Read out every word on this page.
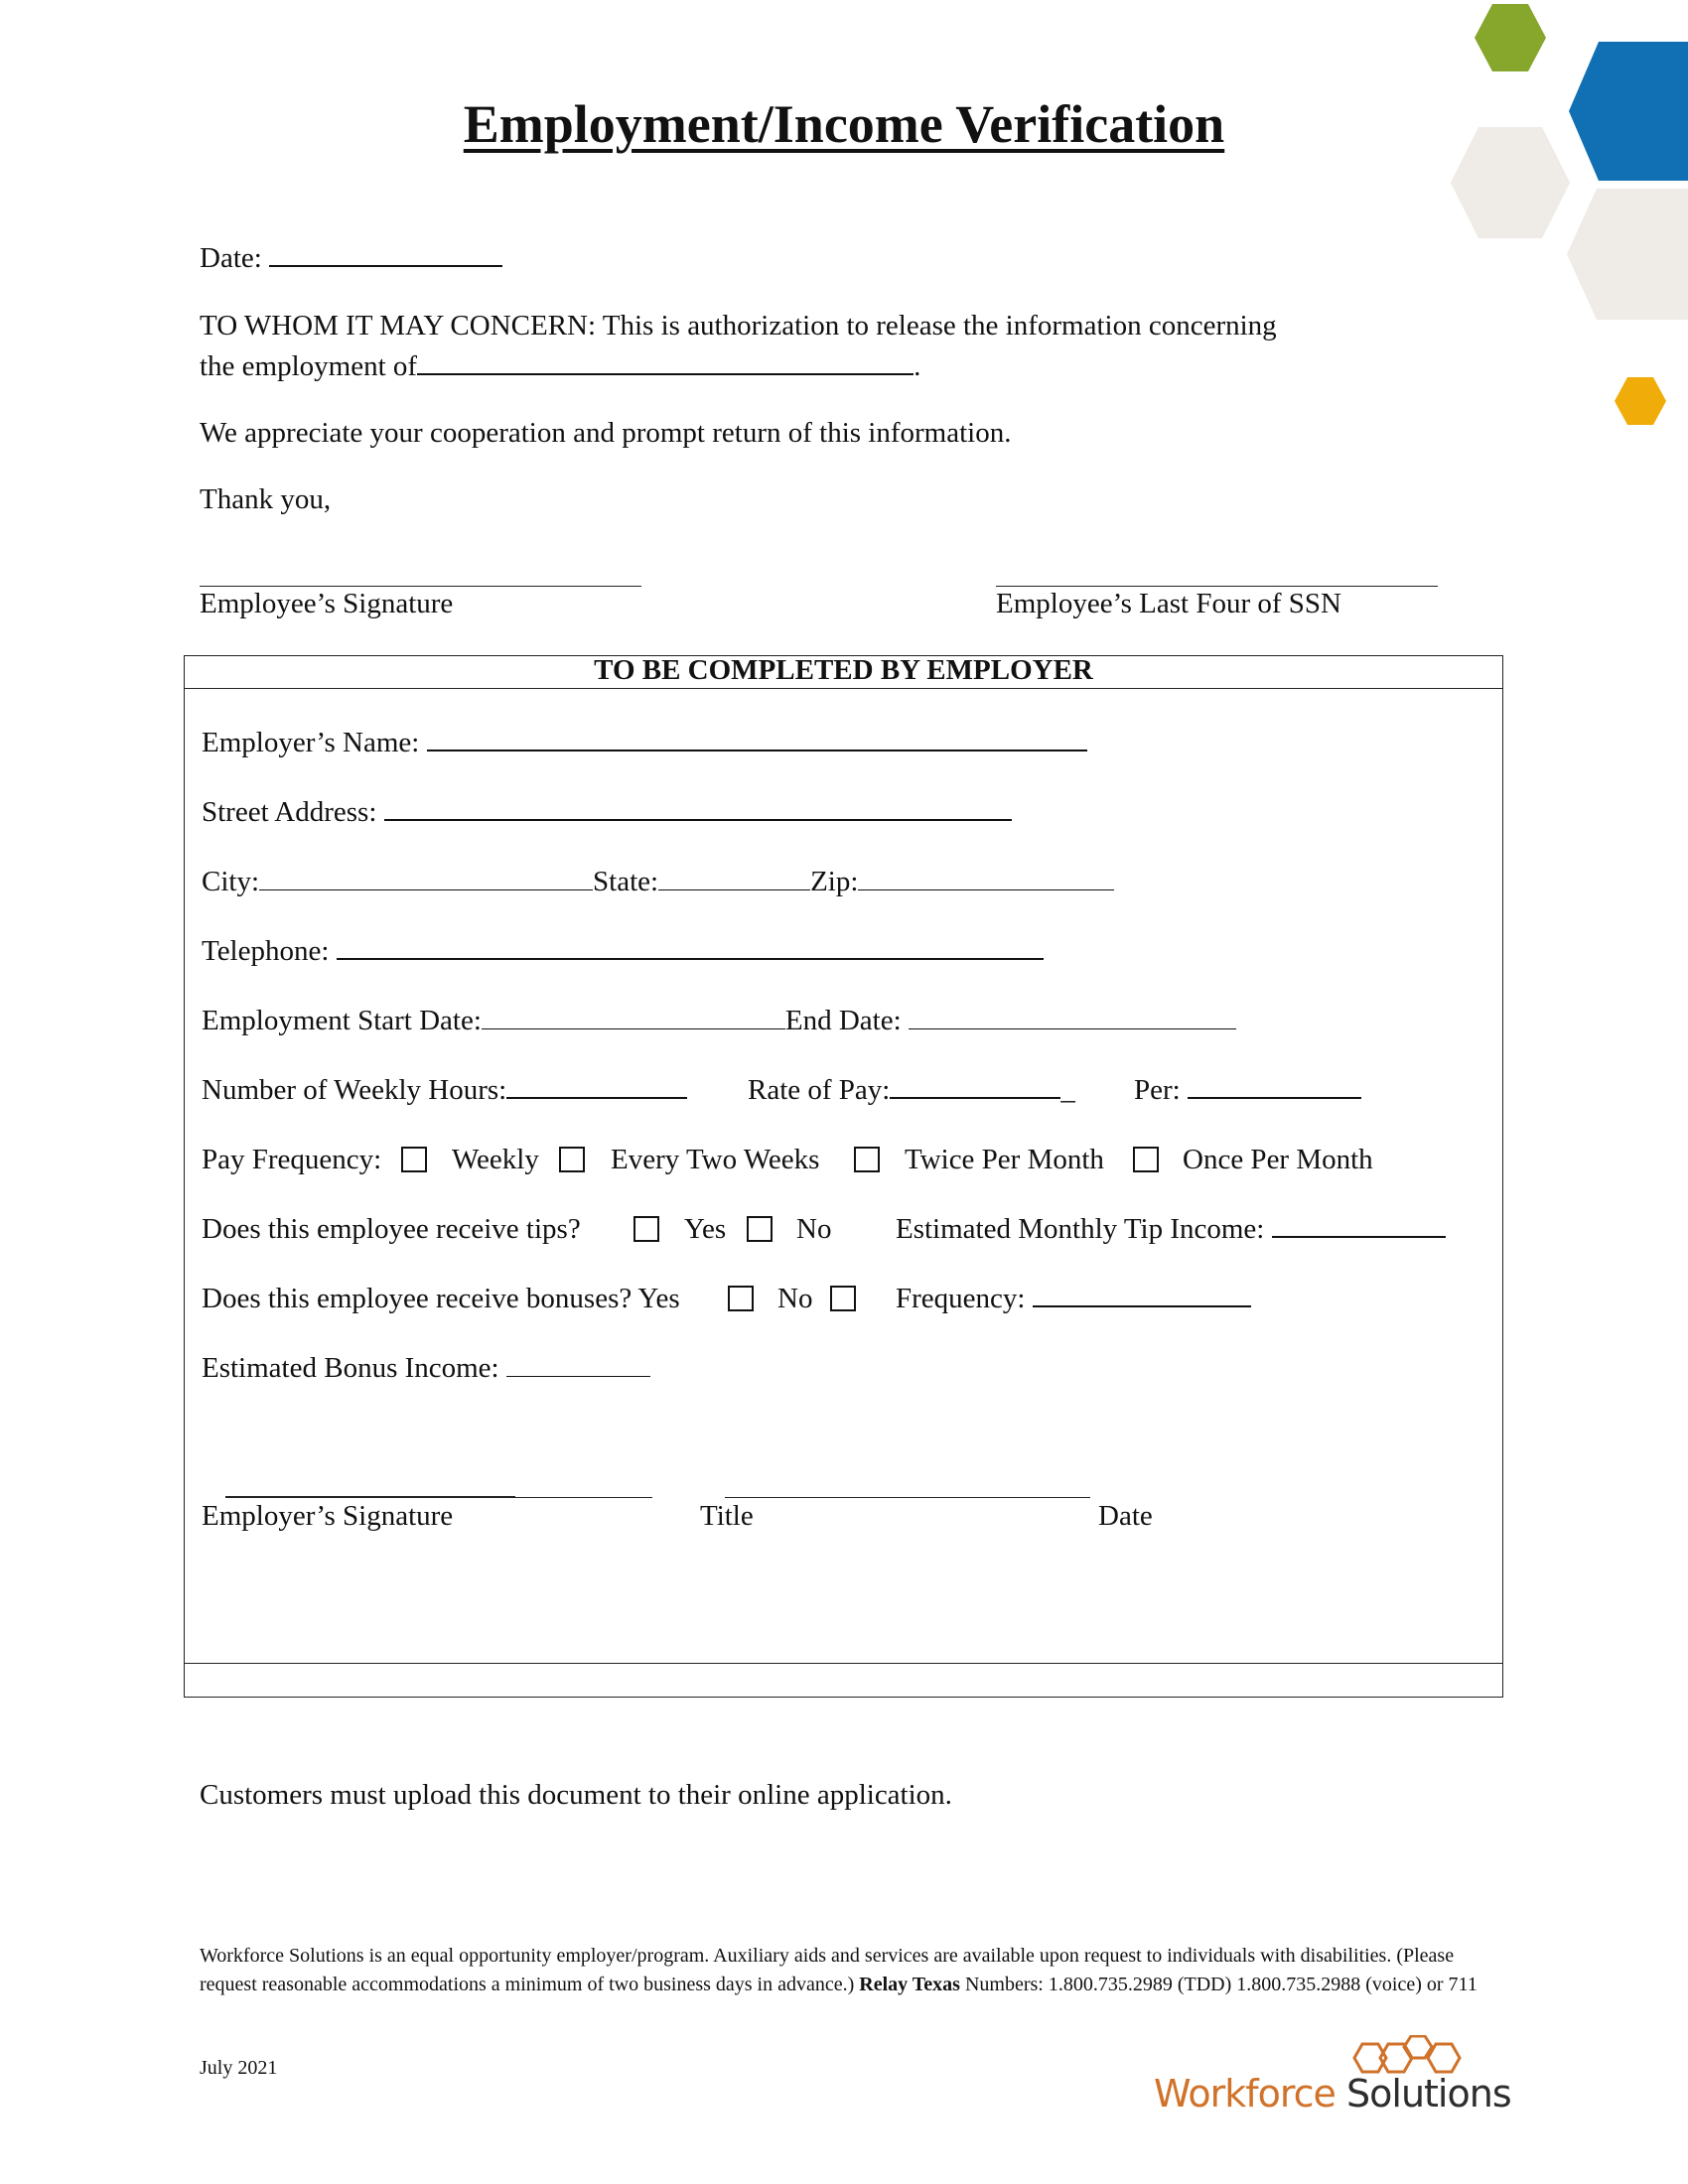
Employment/Income Verification
Date:
TO WHOM IT MAY CONCERN: This is authorization to release the information concerning
the employment of	.
We appreciate your cooperation and prompt return of this information.
Thank you,
Employee’s Signature	Employee’s Last Four of SSN
TO BE COMPLETED BY EMPLOYER
Employer’s Name:
Street Address:
City:	State:	Zip:
Telephone:
Employment Start Date:	End Date:
Number of Weekly Hours:	Rate of Pay:	_ Per:
Pay Frequency: Weekly Every Two Weeks	Twice Per Month	Once Per Month
Does this employee receive tips?	Yes No Estimated Monthly Tip Income:
Does this employee receive bonuses? Yes	No	Frequency:
Estimated Bonus Income:
Employer’s Signature	Title	Date
Customers must upload this document to their online application.
Workforce Solutions is an equal opportunity employer/program. Auxiliary aids and services are available upon request to individuals with disabilities. (Please request reasonable accommodations a minimum of two business days in advance.) Relay Texas Numbers: 1.800.735.2989 (TDD) 1.800.735.2988 (voice) or 711
July 2021
Workforce Solutions
